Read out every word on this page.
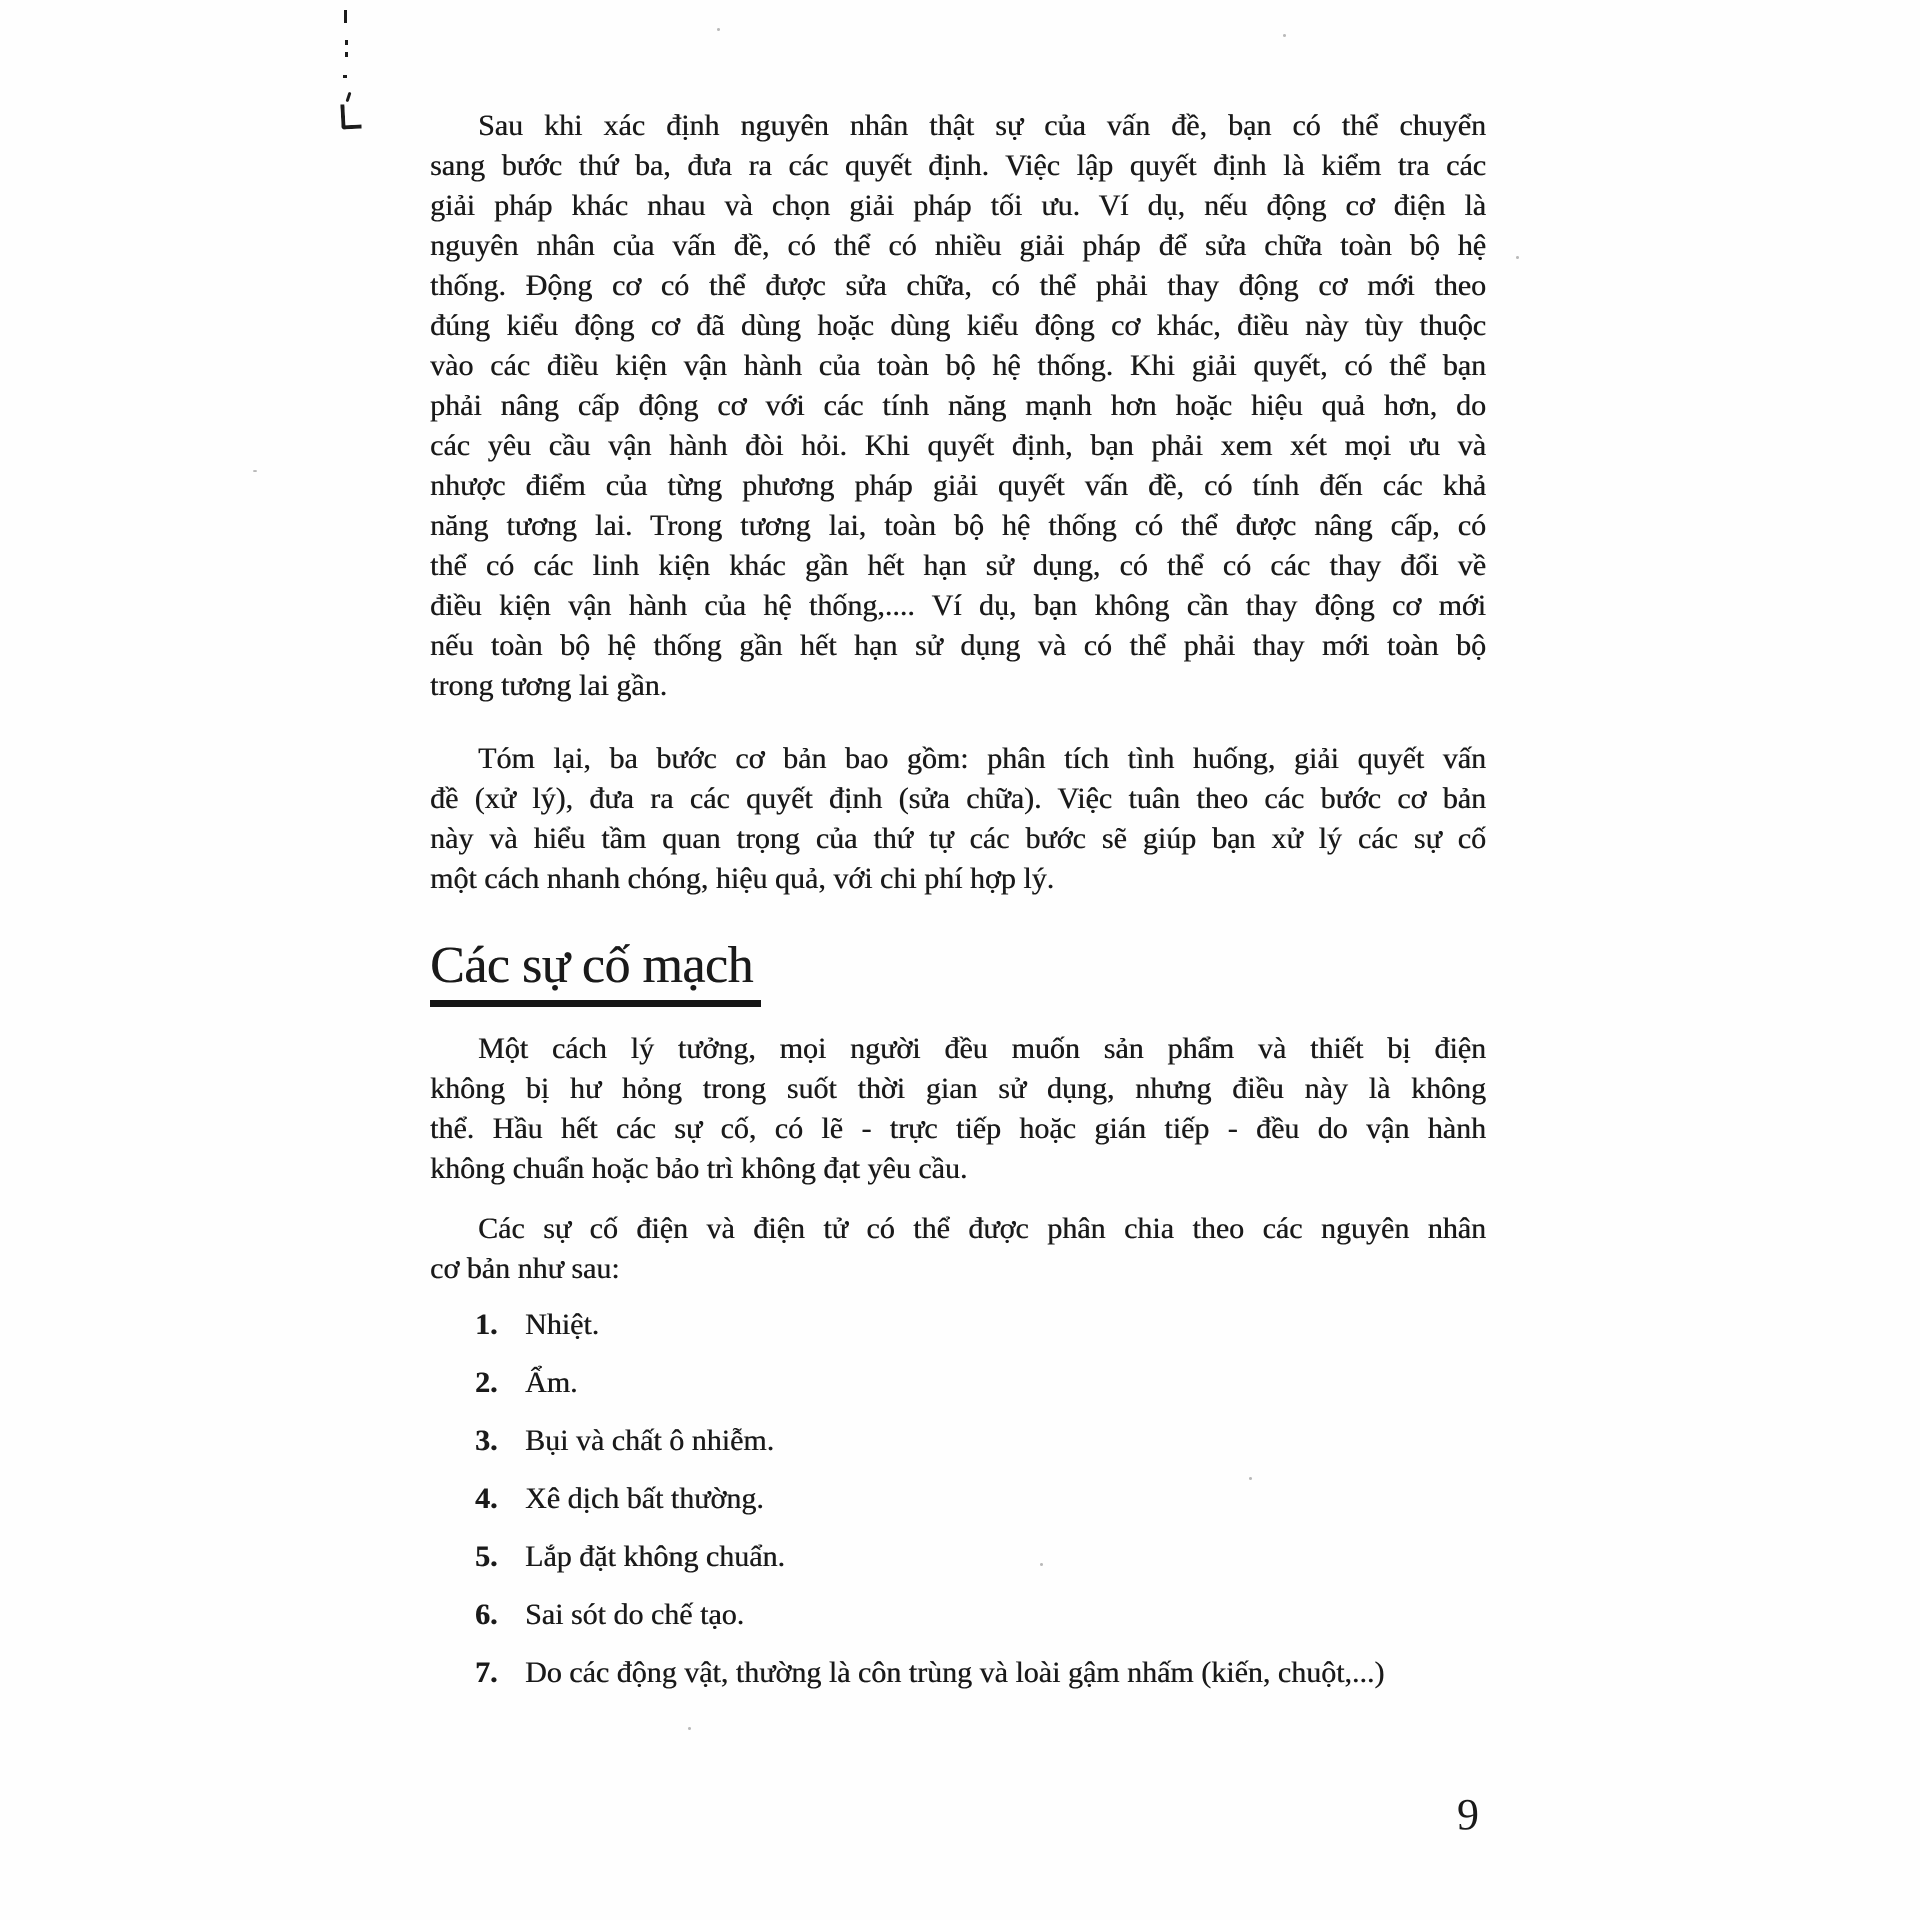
Sau khi xác định nguyên nhân thật sự của vấn đề, bạn có thể chuyển
sang bước thứ ba, đưa ra các quyết định. Việc lập quyết định là kiểm tra các
giải pháp khác nhau và chọn giải pháp tối ưu. Ví dụ, nếu động cơ điện là
nguyên nhân của vấn đề, có thể có nhiều giải pháp để sửa chữa toàn bộ hệ
thống. Động cơ có thể được sửa chữa, có thể phải thay động cơ mới theo
đúng kiểu động cơ đã dùng hoặc dùng kiểu động cơ khác, điều này tùy thuộc
vào các điều kiện vận hành của toàn bộ hệ thống. Khi giải quyết, có thể bạn
phải nâng cấp động cơ với các tính năng mạnh hơn hoặc hiệu quả hơn, do
các yêu cầu vận hành đòi hỏi. Khi quyết định, bạn phải xem xét mọi ưu và
nhược điểm của từng phương pháp giải quyết vấn đề, có tính đến các khả
năng tương lai. Trong tương lai, toàn bộ hệ thống có thể được nâng cấp, có
thể có các linh kiện khác gần hết hạn sử dụng, có thể có các thay đổi về
điều kiện vận hành của hệ thống,.... Ví dụ, bạn không cần thay động cơ mới
nếu toàn bộ hệ thống gần hết hạn sử dụng và có thể phải thay mới toàn bộ
trong tương lai gần.
Tóm lại, ba bước cơ bản bao gồm: phân tích tình huống, giải quyết vấn
đề (xử lý), đưa ra các quyết định (sửa chữa). Việc tuân theo các bước cơ bản
này và hiểu tầm quan trọng của thứ tự các bước sẽ giúp bạn xử lý các sự cố
một cách nhanh chóng, hiệu quả, với chi phí hợp lý.
Các sự cố mạch
Một cách lý tưởng, mọi người đều muốn sản phẩm và thiết bị điện
không bị hư hỏng trong suốt thời gian sử dụng, nhưng điều này là không
thể. Hầu hết các sự cố, có lẽ - trực tiếp hoặc gián tiếp - đều do vận hành
không chuẩn hoặc bảo trì không đạt yêu cầu.
Các sự cố điện và điện tử có thể được phân chia theo các nguyên nhân
cơ bản như sau:
1. Nhiệt.
2. Ẩm.
3. Bụi và chất ô nhiễm.
4. Xê dịch bất thường.
5. Lắp đặt không chuẩn.
6. Sai sót do chế tạo.
7. Do các động vật, thường là côn trùng và loài gậm nhấm (kiến, chuột,...)
9
